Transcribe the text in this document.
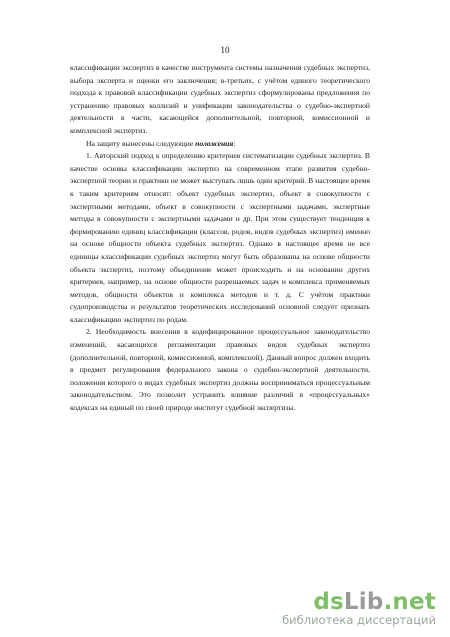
10

классификации экспертиз в качестве инструмента системы назначения судебных экспертиз, выбора эксперта и оценки его заключения; в-третьих, с учётом единого теоретического подхода к правовой классификации судебных экспертиз сформулированы предложения по устранению правовых коллизий и унификации законодательства о судебно-экспертной деятельности в части, касающейся дополнительной, повторной, комиссионной и комплексной экспертиз.

На защиту вынесены следующие положения:

1. Авторский подход к определению критериев систематизации судебных экспертиз. В качестве основы классификации экспертиз на современном этапе развития судебно-экспертной теории и практики не может выступать лишь один критерий. В настоящее время к таким критериям относят: объект судебных экспертиз, объект в совокупности с экспертными методами, объект в совокупности с экспертными задачами, экспертные методы в совокупности с экспертными задачами и др. При этом существует тенденция к формированию единиц классификации (классов, родов, видов судебных экспертиз) именно на основе общности объекта судебных экспертиз. Однако в настоящее время не все единицы классификации судебных экспертиз могут быть образованы на основе общности объекта экспертиз, поэтому объединение может происходить и на основании других критериев, например, на основе общности разрешаемых задач и комплекса применяемых методов, общности объектов и комплекса методов и т. д. С учётом практики судопроизводства и результатов теоретических исследований основной следует признать классификацию экспертиз по родам.

2. Необходимость внесения в кодифицированное процессуальное законодательство изменений, касающихся регламентации правовых видов судебных экспертиз (дополнительной, повторной, комиссионной, комплексной). Данный вопрос должен входить в предмет регулирования федерального закона о судебно-экспертной деятельности, положения которого о видах судебных экспертиз должны восприниматься процессуальным законодательством. Это позволит устранить влияние различий в «процессуальных» кодексах на единый по своей природе институт судебной экспертизы.

dsLib.net
библиотека диссертаций
